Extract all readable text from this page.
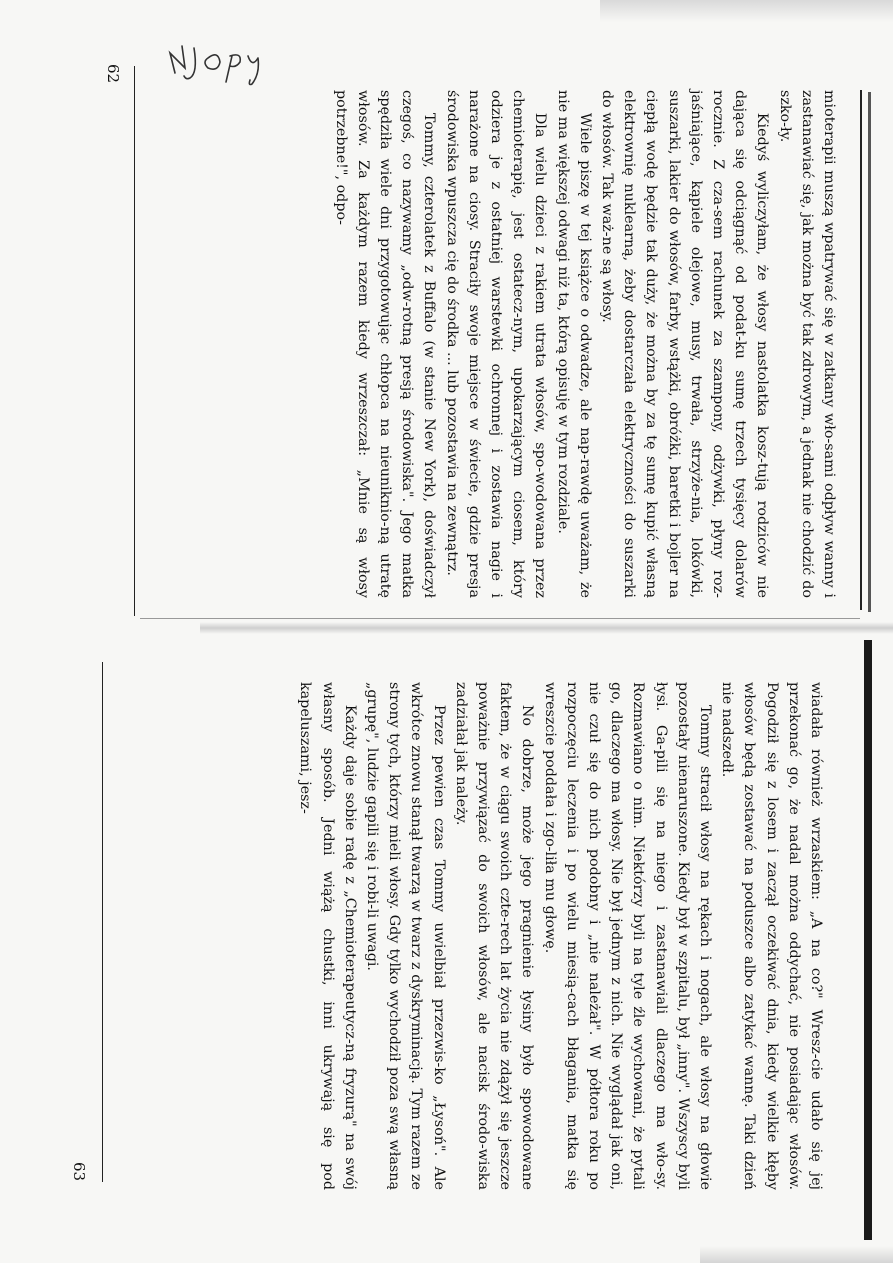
62

mioterapii muszą wpatrywać się w zatkany wło-sami odpływ wanny i zastanawiać się, jak można być tak zdrowym, a jednak nie chodzić do szko-ły.

Kiedyś wyliczyłam, że włosy nastolatka kosz-tują rodziców nie dająca się odciągnąć od podat-ku sumę trzech tysięcy dolarów rocznie. Z cza-sem rachunek za szampony, odżywki, płyny roz-jaśniające, kąpiele olejowe, musy, trwała, strzyże-nia, lokówki, suszarki, lakier do włosów, farby, wstążki, obróżki, baretki i bojler na ciepłą wodę będzie tak duży, że można by za tę sumę kupić własną elektrownię nuklearną, żeby dostarczała elektryczności do suszarki do włosów. Tak waż-ne są włosy.

Wiele piszę w tej książce o odwadze, ale nap-rawdę uważam, że nie ma większej odwagi niż ta, którą opisuję w tym rozdziale.

Dla wielu dzieci z rakiem utrata włosów, spo-wodowana przez chemioterapię, jest ostatecz-nym, upokarzającym ciosem, który odziera je z ostatniej warstewki ochronnej i zostawia nagie i narażone na ciosy. Straciły swoje miejsce w świecie, gdzie presja środowiska wpuszcza cię do środka ... lub pozostawia na zewnątrz.

Tommy, czterolatek z Buffalo (w stanie New York), doświadczył czegoś, co nazywamy „odw-rotną presją środowiska". Jego matka spędziła wiele dni przygotowując chłopca na nieuniknio-ną utratę włosów. Za każdym razem kiedy wrzeszczał: „Mnie są włosy potrzebne!", odpo-

63	wiadała również wrzaskiem: „A na co?" Wresz-cie udało się jej przekonać go, że nadal można oddychać, nie posiadając włosów. Pogodził się z losem i zaczął oczekiwać dnia, kiedy wielkie kłęby włosów będą zostawać na poduszce albo zatykać wannę. Taki dzień nie nadszedł.

Tommy stracił włosy na rękach i nogach, ale włosy na głowie pozostały nienaruszone. Kiedy był w szpitalu, był „inny". Wszyscy byli łysi. Ga-pili się na niego i zastanawiali dlaczego ma wło-sy. Rozmawiano o nim. Niektórzy byli na tyle źle wychowani, że pytali go, dlaczego ma włosy. Nie był jednym z nich. Nie wyglądał jak oni, nie czuł się do nich podobny i „nie należał". W półtora roku po rozpoczęciu leczenia i po wielu miesią-cach błagania, matka się wreszcie poddała i zgo-liła mu głowę.

No dobrze, może jego pragnienie łysiny było spowodowane faktem, że w ciągu swoich czte-rech lat życia nie zdążył się jeszcze poważnie przywiązać do swoich włosów, ale nacisk środo-wiska zadziałał jak należy.

Przez pewien czas Tommy uwielbiał przezwis-ko „Łysoń". Ale wkrótce znowu stanął twarzą w twarz z dyskryminacją. Tym razem ze strony tych, którzy mieli włosy. Gdy tylko wychodził poza swą własną „grupę", ludzie gapili się i robi-li uwagi.

Każdy daje sobie radę z „Chemioterapeutycz-ną fryzurą" na swój własny sposób. Jedni wiążą chustki, inni ukrywają się pod kapeluszami, jesz-
